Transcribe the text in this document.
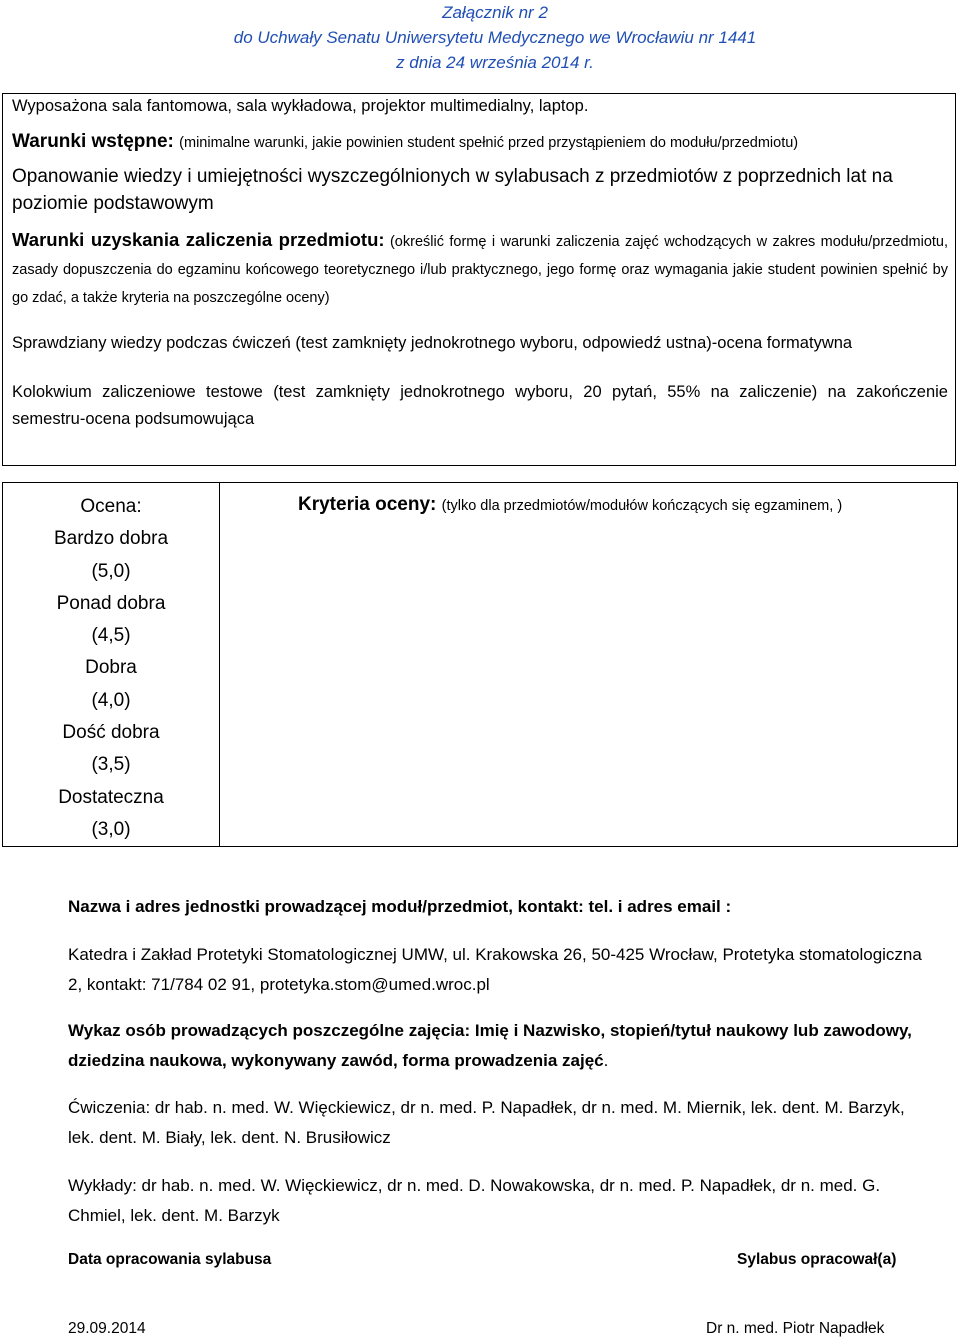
Załącznik nr 2
do Uchwały Senatu Uniwersytetu Medycznego we Wrocławiu nr 1441
z dnia 24 września 2014 r.
Wyposażona sala fantomowa, sala wykładowa, projektor multimedialny, laptop.
Warunki wstępne: (minimalne warunki, jakie powinien student spełnić przed przystąpieniem do modułu/przedmiotu)
Opanowanie wiedzy i umiejętności wyszczególnionych w sylabusach z przedmiotów z poprzednich lat na poziomie podstawowym
Warunki uzyskania zaliczenia przedmiotu: (określić formę i warunki zaliczenia zajęć wchodzących w zakres modułu/przedmiotu, zasady dopuszczenia do egzaminu końcowego teoretycznego i/lub praktycznego, jego formę oraz wymagania jakie student powinien spełnić by go zdać, a także kryteria na poszczególne oceny)
Sprawdziany wiedzy podczas ćwiczeń (test zamknięty jednokrotnego wyboru, odpowiedź ustna)-ocena formatywna
Kolokwium zaliczeniowe testowe (test zamknięty jednokrotnego wyboru, 20 pytań, 55% na zaliczenie) na zakończenie semestru-ocena podsumowująca
Ocena:
Bardzo dobra
(5,0)
Ponad dobra
(4,5)
Dobra
(4,0)
Dość dobra
(3,5)
Dostateczna
(3,0)
	Kryteria oceny: (tylko dla przedmiotów/modułów kończących się egzaminem, )
Nazwa i adres jednostki prowadzącej moduł/przedmiot, kontakt: tel. i adres email :
Katedra i Zakład Protetyki Stomatologicznej UMW, ul. Krakowska 26, 50-425 Wrocław, Protetyka stomatologiczna 2, kontakt: 71/784 02 91, protetyka.stom@umed.wroc.pl
Wykaz osób prowadzących poszczególne zajęcia: Imię i Nazwisko, stopień/tytuł naukowy lub zawodowy, dziedzina naukowa, wykonywany zawód, forma prowadzenia zajęć.
Ćwiczenia: dr hab. n. med. W. Więckiewicz, dr n. med. P. Napadłek, dr n. med. M. Miernik, lek. dent. M. Barzyk, lek. dent. M. Biały, lek. dent. N. Brusiłowicz
Wykłady: dr hab. n. med. W. Więckiewicz, dr n. med. D. Nowakowska, dr n. med. P. Napadłek, dr n. med. G. Chmiel, lek. dent. M. Barzyk
Data opracowania sylabusa	Sylabus opracował(a)
29.09.2014	Dr n. med. Piotr Napadłek
